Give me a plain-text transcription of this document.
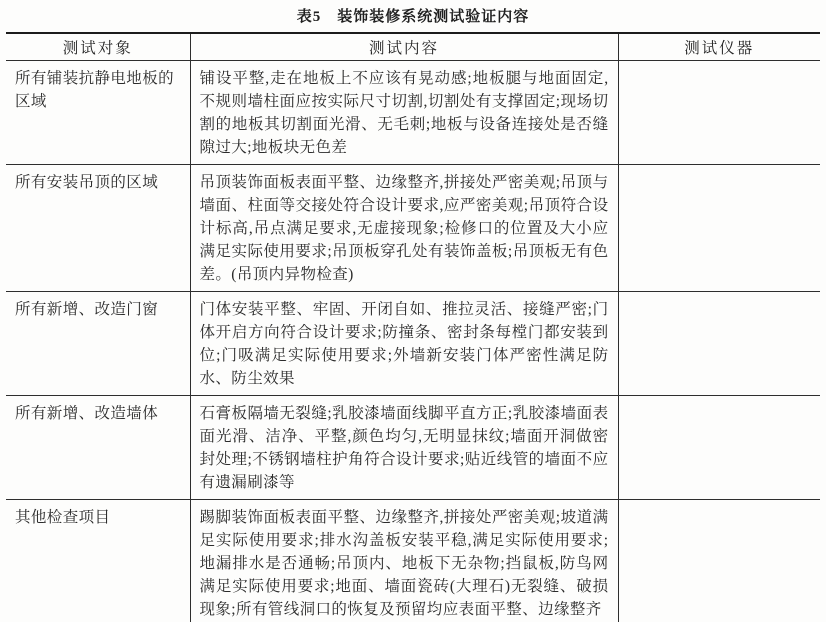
表5　装饰装修系统测试验证内容
测试对象	测试内容	测试仪器
所有铺装抗静电地板的区域	铺设平整,走在地板上不应该有晃动感;地板腿与地面固定,不规则墙柱面应按实际尺寸切割,切割处有支撑固定;现场切割的地板其切割面光滑、无毛刺;地板与设备连接处是否缝隙过大;地板块无色差	
所有安装吊顶的区域	吊顶装饰面板表面平整、边缘整齐,拼接处严密美观;吊顶与墙面、柱面等交接处符合设计要求,应严密美观;吊顶符合设计标高,吊点满足要求,无虚接现象;检修口的位置及大小应满足实际使用要求;吊顶板穿孔处有装饰盖板;吊顶板无有色差。(吊顶内异物检查)	
所有新增、改造门窗	门体安装平整、牢固、开闭自如、推拉灵活、接缝严密;门体开启方向符合设计要求;防撞条、密封条每樘门都安装到位;门吸满足实际使用要求;外墙新安装门体严密性满足防水、防尘效果	
所有新增、改造墙体	石膏板隔墙无裂缝;乳胶漆墙面线脚平直方正;乳胶漆墙面表面光滑、洁净、平整,颜色均匀,无明显抹纹;墙面开洞做密封处理;不锈钢墙柱护角符合设计要求;贴近线管的墙面不应有遗漏刷漆等	
其他检查项目	踢脚装饰面板表面平整、边缘整齐,拼接处严密美观;坡道满足实际使用要求;排水沟盖板安装平稳,满足实际使用要求;地漏排水是否通畅;吊顶内、地板下无杂物;挡鼠板,防鸟网满足实际使用要求;地面、墙面瓷砖(大理石)无裂缝、破损现象;所有管线洞口的恢复及预留均应表面平整、边缘整齐	
